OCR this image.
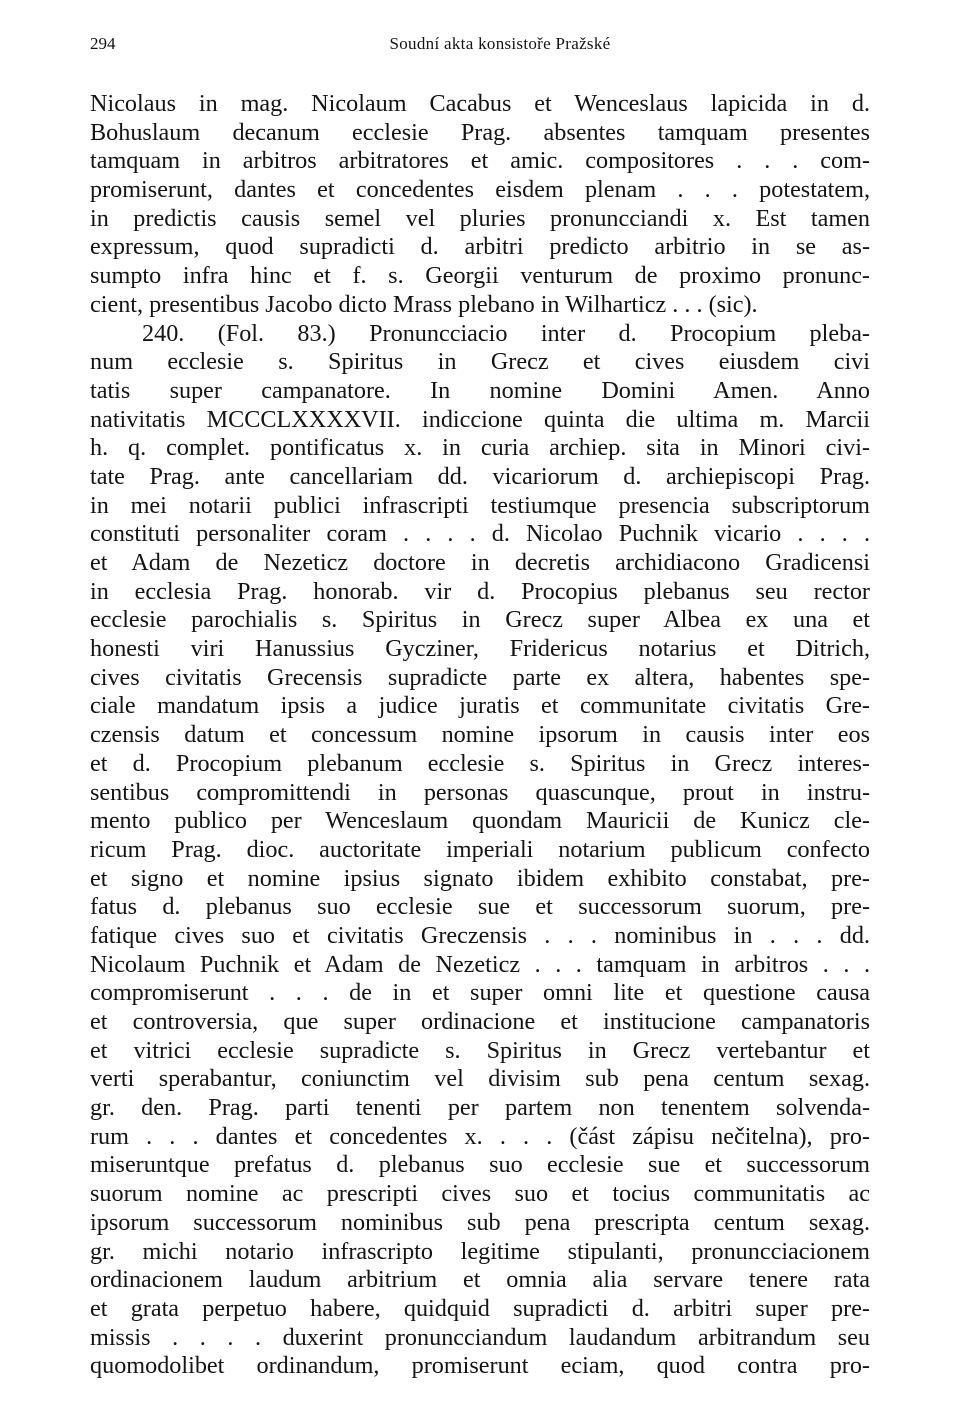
294	Soudní akta konsistoře Pražské
Nicolaus in mag. Nicolaum Cacabus et Wenceslaus lapicida in d.
Bohuslaum decanum ecclesie Prag. absentes tamquam presentes
tamquam in arbitros arbitratores et amic. compositores . . . com-
promiserunt, dantes et concedentes eisdem plenam . . . potestatem,
in predictis causis semel vel pluries pronuncciandi x. Est tamen
expressum, quod supradicti d. arbitri predicto arbitrio in se as-
sumpto infra hinc et f. s. Georgii venturum de proximo pronunc-
cient, presentibus Jacobo dicto Mrass plebano in Wilharticz . . . (sic).
240. (Fol. 83.) Pronuncciacio inter d. Procopium pleba-
num ecclesie s. Spiritus in Grecz et cives eiusdem civi
tatis super campanatore. In nomine Domini Amen. Anno
nativitatis MCCCLXXXXVII. indiccione quinta die ultima m. Marcii
h. q. complet. pontificatus x. in curia archiep. sita in Minori civi-
tate Prag. ante cancellariam dd. vicariorum d. archiepiscopi Prag.
in mei notarii publici infrascripti testiumque presencia subscriptorum
constituti personaliter coram . . . . d. Nicolao Puchnik vicario . . . .
et Adam de Nezeticz doctore in decretis archidiacono Gradicensi
in ecclesia Prag. honorab. vir d. Procopius plebanus seu rector
ecclesie parochialis s. Spiritus in Grecz super Albea ex una et
honesti viri Hanussius Gycziner, Fridericus notarius et Ditrich,
cives civitatis Grecensis supradicte parte ex altera, habentes spe-
ciale mandatum ipsis a judice juratis et communitate civitatis Gre-
czensis datum et concessum nomine ipsorum in causis inter eos
et d. Procopium plebanum ecclesie s. Spiritus in Grecz interes-
sentibus compromittendi in personas quascunque, prout in instru-
mento publico per Wenceslaum quondam Mauricii de Kunicz cle-
ricum Prag. dioc. auctoritate imperiali notarium publicum confecto
et signo et nomine ipsius signato ibidem exhibito constabat, pre-
fatus d. plebanus suo ecclesie sue et successorum suorum, pre-
fatique cives suo et civitatis Greczensis . . . nominibus in . . . dd.
Nicolaum Puchnik et Adam de Nezeticz . . . tamquam in arbitros . . .
compromiserunt . . . de in et super omni lite et questione causa
et controversia, que super ordinacione et institucione campanatoris
et vitrici ecclesie supradicte s. Spiritus in Grecz vertebantur et
verti sperabantur, coniunctim vel divisim sub pena centum sexag.
gr. den. Prag. parti tenenti per partem non tenentem solvenda-
rum . . . dantes et concedentes x. . . . (část zápisu nečitelna), pro-
miseruntque prefatus d. plebanus suo ecclesie sue et successorum
suorum nomine ac prescripti cives suo et tocius communitatis ac
ipsorum successorum nominibus sub pena prescripta centum sexag.
gr. michi notario infrascripto legitime stipulanti, pronuncciacionem
ordinacionem laudum arbitrium et omnia alia servare tenere rata
et grata perpetuo habere, quidquid supradicti d. arbitri super pre-
missis . . . . duxerint pronuncciandum laudandum arbitrandum seu
quomodolibet ordinandum, promiserunt eciam, quod contra pro-
